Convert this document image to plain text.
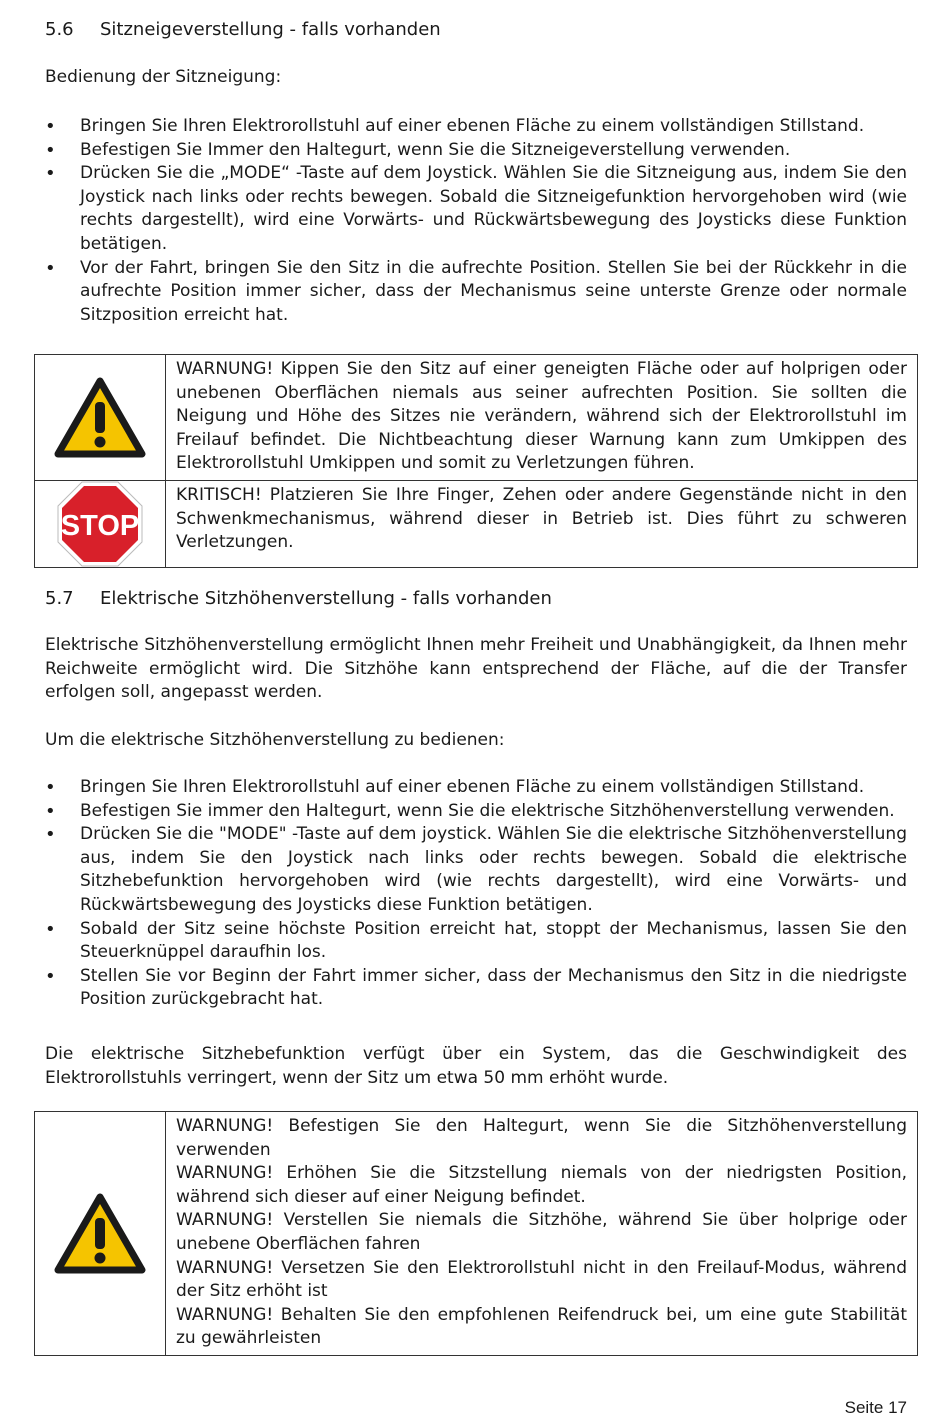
5.6 Sitzneigeverstellung - falls vorhanden
Bedienung der Sitzneigung:
• Bringen Sie Ihren Elektrorollstuhl auf einer ebenen Fläche zu einem vollständigen Stillstand.
• Befestigen Sie Immer den Haltegurt, wenn Sie die Sitzneigeverstellung verwenden.
• Drücken Sie die „MODE“ -Taste auf dem Joystick. Wählen Sie die Sitzneigung aus, indem Sie den Joystick nach links oder rechts bewegen. Sobald die Sitzneigefunktion hervorgehoben wird (wie rechts dargestellt), wird eine Vorwärts- und Rückwärtsbewegung des Joysticks diese Funktion betätigen.
• Vor der Fahrt, bringen Sie den Sitz in die aufrechte Position. Stellen Sie bei der Rückkehr in die aufrechte Position immer sicher, dass der Mechanismus seine unterste Grenze oder normale Sitzposition erreicht hat.
	WARNUNG! Kippen Sie den Sitz auf einer geneigten Fläche oder auf holprigen oder unebenen Oberflächen niemals aus seiner aufrechten Position. Sie sollten die Neigung und Höhe des Sitzes nie verändern, während sich der Elektrorollstuhl im Freilauf befindet. Die Nichtbeachtung dieser Warnung kann zum Umkippen des Elektrorollstuhl Umkippen und somit zu Verletzungen führen.

STOP	KRITISCH! Platzieren Sie Ihre Finger, Zehen oder andere Gegenstände nicht in den Schwenkmechanismus, während dieser in Betrieb ist. Dies führt zu schweren Verletzungen.
5.7 Elektrische Sitzhöhenverstellung - falls vorhanden
Elektrische Sitzhöhenverstellung ermöglicht Ihnen mehr Freiheit und Unabhängigkeit, da Ihnen mehr Reichweite ermöglicht wird. Die Sitzhöhe kann entsprechend der Fläche, auf die der Transfer erfolgen soll, angepasst werden.
Um die elektrische Sitzhöhenverstellung zu bedienen:
• Bringen Sie Ihren Elektrorollstuhl auf einer ebenen Fläche zu einem vollständigen Stillstand.
• Befestigen Sie immer den Haltegurt, wenn Sie die elektrische Sitzhöhenverstellung verwenden.
• Drücken Sie die "MODE" -Taste auf dem joystick. Wählen Sie die elektrische Sitzhöhenverstellung aus, indem Sie den Joystick nach links oder rechts bewegen. Sobald die elektrische Sitzhebefunktion hervorgehoben wird (wie rechts dargestellt), wird eine Vorwärts- und Rückwärtsbewegung des Joysticks diese Funktion betätigen.
• Sobald der Sitz seine höchste Position erreicht hat, stoppt der Mechanismus, lassen Sie den Steuerknüppel daraufhin los.
• Stellen Sie vor Beginn der Fahrt immer sicher, dass der Mechanismus den Sitz in die niedrigste Position zurückgebracht hat.
Die elektrische Sitzhebefunktion verfügt über ein System, das die Geschwindigkeit des Elektrorollstuhls verringert, wenn der Sitz um etwa 50 mm erhöht wurde.

WARNUNG! Befestigen Sie den Haltegurt, wenn Sie die Sitzhöhenverstellung verwenden
WARNUNG! Erhöhen Sie die Sitzstellung niemals von der niedrigsten Position, während sich dieser auf einer Neigung befindet.
WARNUNG! Verstellen Sie niemals die Sitzhöhe, während Sie über holprige oder unebene Oberflächen fahren
WARNUNG! Versetzen Sie den Elektrorollstuhl nicht in den Freilauf-Modus, während der Sitz erhöht ist
WARNUNG! Behalten Sie den empfohlenen Reifendruck bei, um eine gute Stabilität zu gewährleisten
Seite 17
